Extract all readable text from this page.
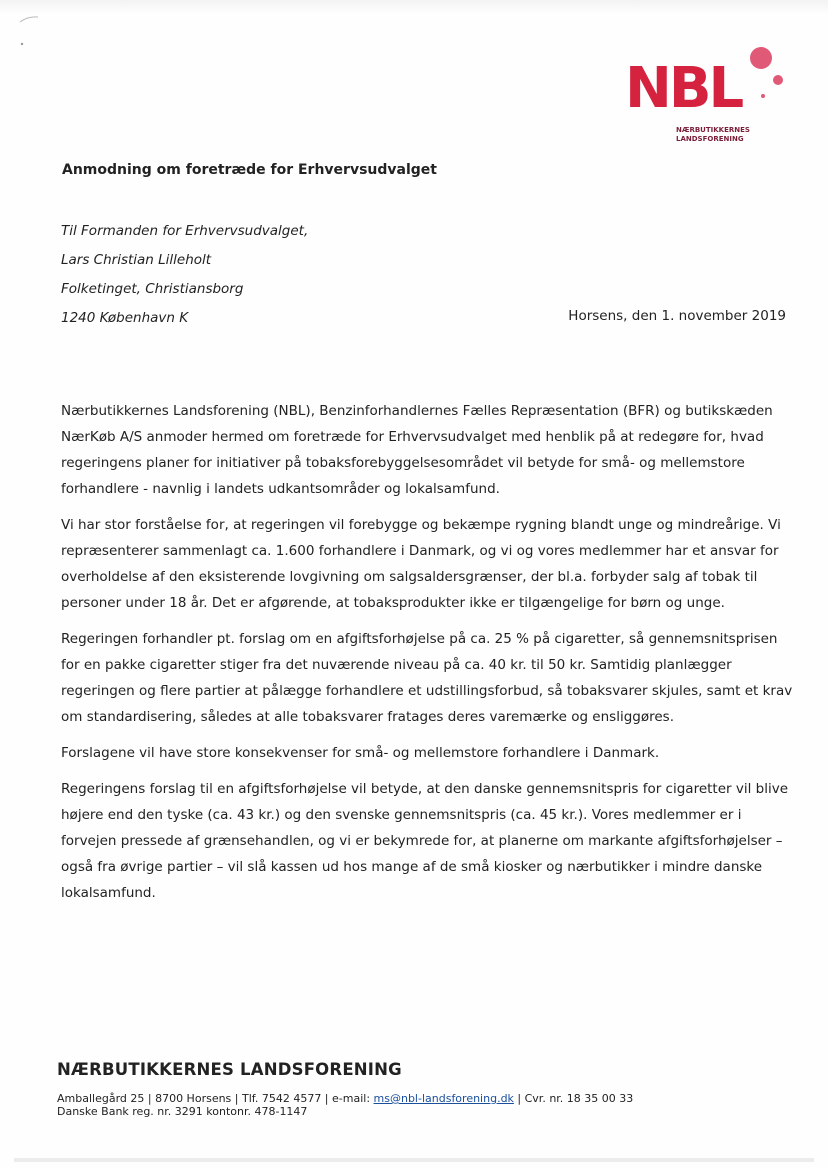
NBL
NÆRBUTIKKERNES
LANDSFORENING
Anmodning om foretræde for Erhvervsudvalget
Til Formanden for Erhvervsudvalget,
Lars Christian Lilleholt
Folketinget, Christiansborg
1240 København K	Horsens, den 1. november 2019

Nærbutikkernes Landsforening (NBL), Benzinforhandlernes Fælles Repræsentation (BFR) og butikskæden NærKøb A/S anmoder hermed om foretræde for Erhvervsudvalget med henblik på at redegøre for, hvad regeringens planer for initiativer på tobaksforebyggelsesområdet vil betyde for små- og mellemstore forhandlere - navnlig i landets udkantsområder og lokalsamfund.

Vi har stor forståelse for, at regeringen vil forebygge og bekæmpe rygning blandt unge og mindreårige. Vi repræsenterer sammenlagt ca. 1.600 forhandlere i Danmark, og vi og vores medlemmer har et ansvar for overholdelse af den eksisterende lovgivning om salgsaldersgrænser, der bl.a. forbyder salg af tobak til personer under 18 år. Det er afgørende, at tobaksprodukter ikke er tilgængelige for børn og unge.

Regeringen forhandler pt. forslag om en afgiftsforhøjelse på ca. 25 % på cigaretter, så gennemsnitsprisen for en pakke cigaretter stiger fra det nuværende niveau på ca. 40 kr. til 50 kr. Samtidig planlægger regeringen og flere partier at pålægge forhandlere et udstillingsforbud, så tobaksvarer skjules, samt et krav om standardisering, således at alle tobaksvarer fratages deres varemærke og ensliggøres.

Forslagene vil have store konsekvenser for små- og mellemstore forhandlere i Danmark.

Regeringens forslag til en afgiftsforhøjelse vil betyde, at den danske gennemsnitspris for cigaretter vil blive højere end den tyske (ca. 43 kr.) og den svenske gennemsnitspris (ca. 45 kr.). Vores medlemmer er i forvejen pressede af grænsehandlen, og vi er bekymrede for, at planerne om markante afgiftsforhøjelser – også fra øvrige partier – vil slå kassen ud hos mange af de små kiosker og nærbutikker i mindre danske lokalsamfund.

NÆRBUTIKKERNES LANDSFORENING
Amballegård 25 | 8700 Horsens | Tlf. 7542 4577 | e-mail: ms@nbl-landsforening.dk | Cvr. nr. 18 35 00 33
Danske Bank reg. nr. 3291 kontonr. 478-1147
